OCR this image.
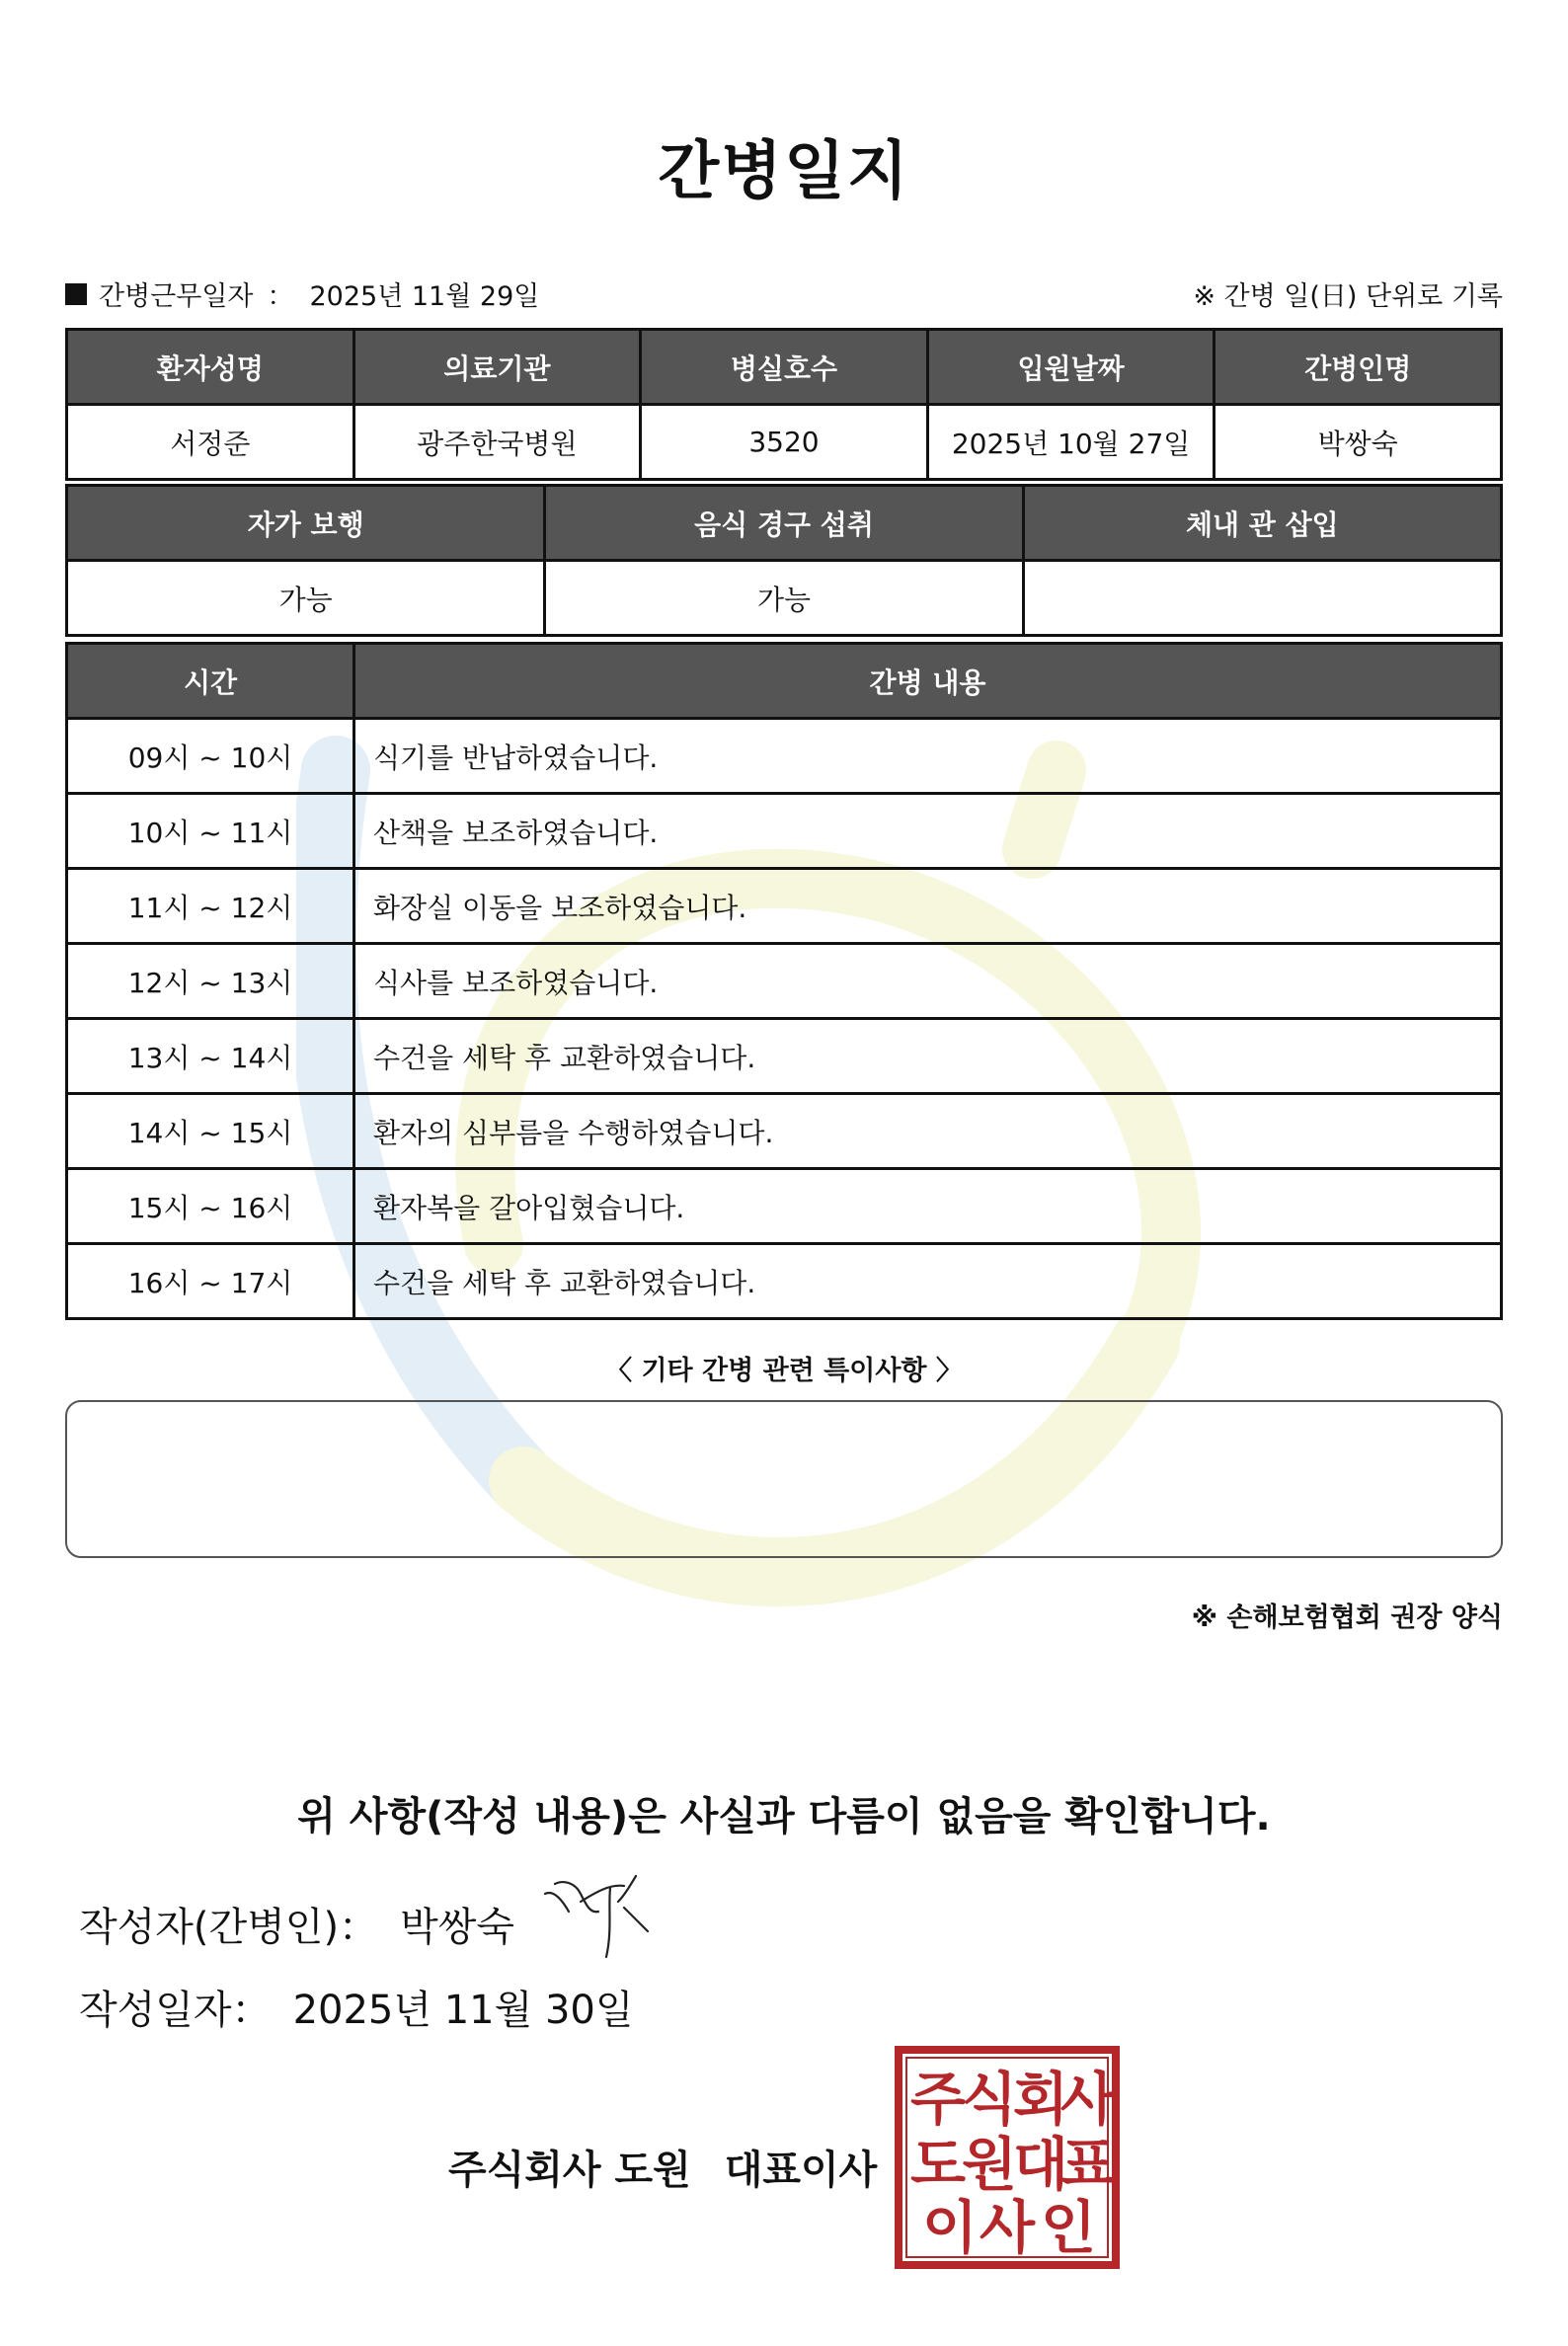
간병일지
간병근무일자 ： 2025년 11월 29일	※ 간병 일(日) 단위로 기록
환자성명	의료기관	병실호수	입원날짜	간병인명
서정준	광주한국병원	3520	2025년 10월 27일	박쌍숙
자가 보행	음식 경구 섭취	체내 관 삽입
가능	가능	
시간	간병 내용
09시 ~ 10시	식기를 반납하였습니다.
10시 ~ 11시	산책을 보조하였습니다.
11시 ~ 12시	화장실 이동을 보조하였습니다.
12시 ~ 13시	식사를 보조하였습니다.
13시 ~ 14시	수건을 세탁 후 교환하였습니다.
14시 ~ 15시	환자의 심부름을 수행하였습니다.
15시 ~ 16시	환자복을 갈아입혔습니다.
16시 ~ 17시	수건을 세탁 후 교환하였습니다.
〈 기타 간병 관련 특이사항 〉
※ 손해보험협회 권장 양식
위 사항(작성 내용)은 사실과 다름이 없음을 확인합니다.
작성자(간병인)： 박쌍숙
작성일자： 2025년 11월 30일
주식회사 도원 대표이사
주
식
회
사
도
원
대
표
이 사 인
